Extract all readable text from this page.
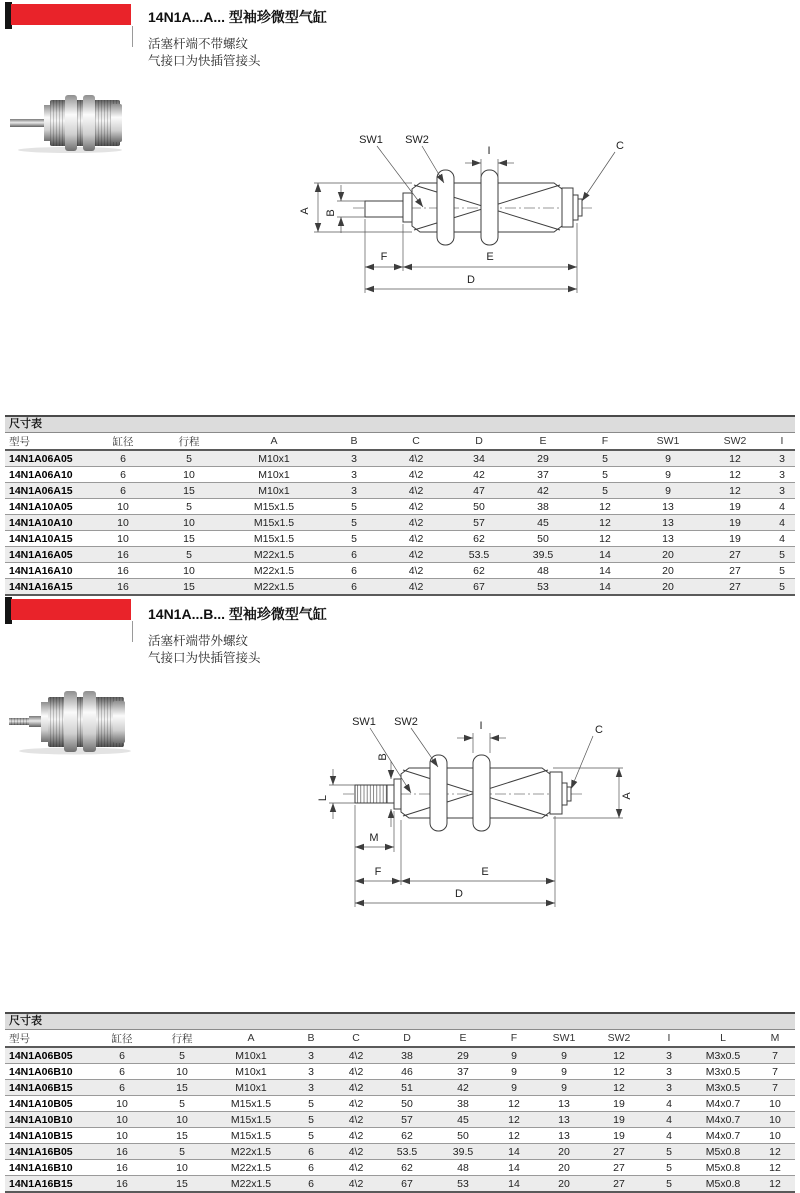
14N1A...A... 型袖珍微型气缸
活塞杆端不带螺纹
气接口为快插管接头
A B
SW1 SW2
I	C
F	E
D
尺寸表
型号	缸径	行程	A	B	C	D	E	F	SW1	SW2	I
14N1A06A05	6	5	M10x1	3	4\2	34	29	5	9	12	3
14N1A06A10	6	10	M10x1	3	4\2	42	37	5	9	12	3
14N1A06A15	6	15	M10x1	3	4\2	47	42	5	9	12	3
14N1A10A05	10	5	M15x1.5	5	4\2	50	38	12	13	19	4
14N1A10A10	10	10	M15x1.5	5	4\2	57	45	12	13	19	4
14N1A10A15	10	15	M15x1.5	5	4\2	62	50	12	13	19	4
14N1A16A05	16	5	M22x1.5	6	4\2	53.5	39.5	14	20	27	5
14N1A16A10	16	10	M22x1.5	6	4\2	62	48	14	20	27	5
14N1A16A15	16	15	M22x1.5	6	4\2	67	53	14	20	27	5
14N1A...B... 型袖珍微型气缸
活塞杆端带外螺纹
气接口为快插管接头
SW1 SW2	I	C
L
B
A
M
F	E
D
尺寸表
型号	缸径	行程	A	B	C	D	E	F	SW1	SW2	I	L	M
14N1A06B05	6	5	M10x1	3	4\2	38	29	9	9	12	3	M3x0.5	7
14N1A06B10	6	10	M10x1	3	4\2	46	37	9	9	12	3	M3x0.5	7
14N1A06B15	6	15	M10x1	3	4\2	51	42	9	9	12	3	M3x0.5	7
14N1A10B05	10	5	M15x1.5	5	4\2	50	38	12	13	19	4	M4x0.7	10
14N1A10B10	10	10	M15x1.5	5	4\2	57	45	12	13	19	4	M4x0.7	10
14N1A10B15	10	15	M15x1.5	5	4\2	62	50	12	13	19	4	M4x0.7	10
14N1A16B05	16	5	M22x1.5	6	4\2	53.5	39.5	14	20	27	5	M5x0.8	12
14N1A16B10	16	10	M22x1.5	6	4\2	62	48	14	20	27	5	M5x0.8	12
14N1A16B15	16	15	M22x1.5	6	4\2	67	53	14	20	27	5	M5x0.8	12
